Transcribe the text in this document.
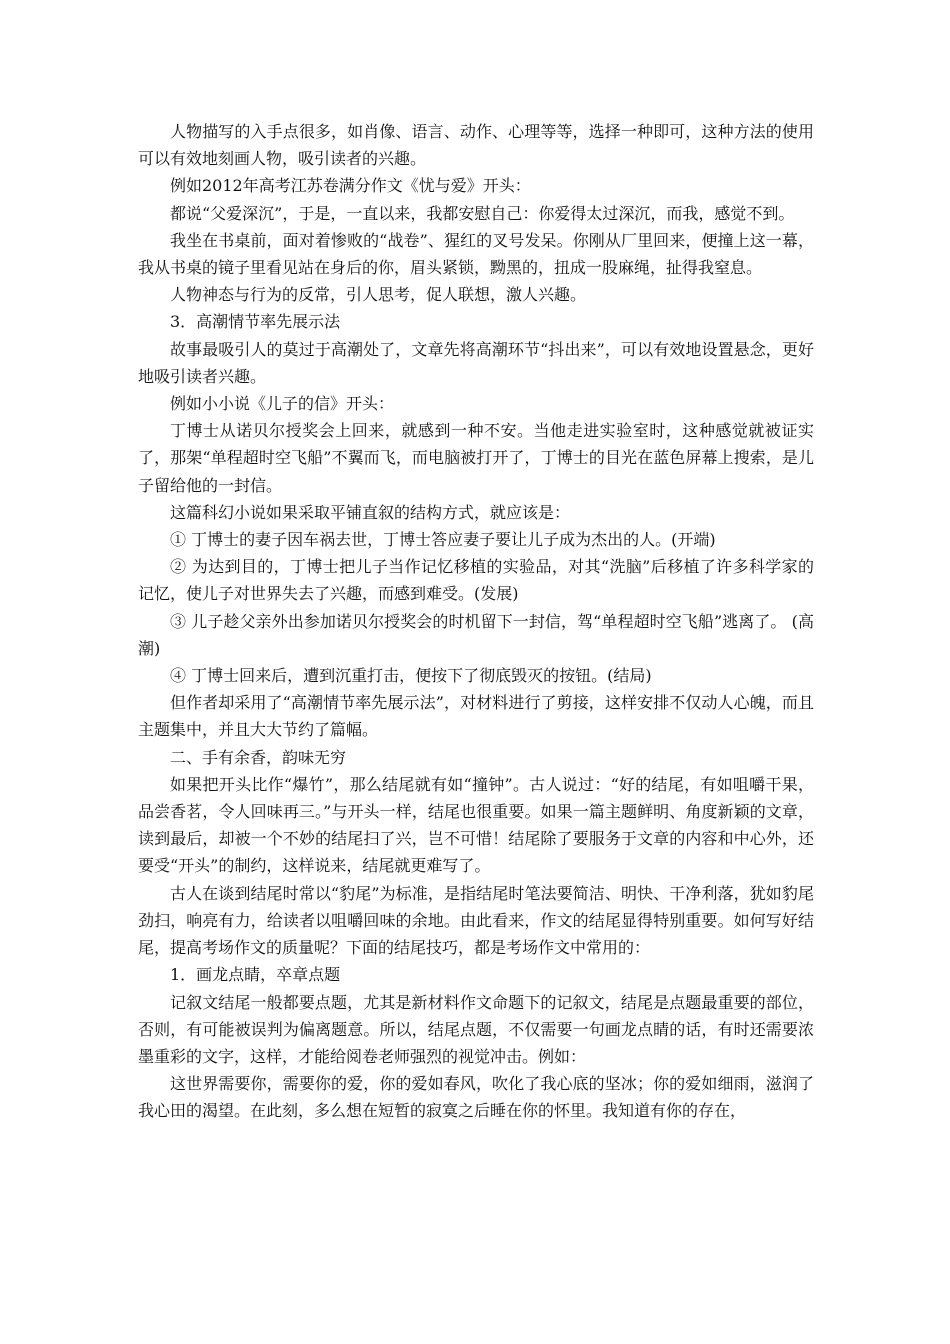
人物描写的入手点很多，如肖像、语言、动作、心理等等，选择一种即可，这种方法的使用可以有效地刻画人物，吸引读者的兴趣。

例如2012年高考江苏卷满分作文《忧与爱》开头：

都说“父爱深沉”，于是，一直以来，我都安慰自己：你爱得太过深沉，而我，感觉不到。

我坐在书桌前，面对着惨败的“战卷”、猩红的叉号发呆。你刚从厂里回来，便撞上这一幕，我从书桌的镜子里看见站在身后的你，眉头紧锁，黝黑的，扭成一股麻绳，扯得我窒息。

人物神态与行为的反常，引人思考，促人联想，激人兴趣。

3．高潮情节率先展示法

故事最吸引人的莫过于高潮处了，文章先将高潮环节“抖出来”，可以有效地设置悬念，更好地吸引读者兴趣。

例如小小说《儿子的信》开头：

丁博士从诺贝尔授奖会上回来，就感到一种不安。当他走进实验室时，这种感觉就被证实了，那架“单程超时空飞船”不翼而飞，而电脑被打开了，丁博士的目光在蓝色屏幕上搜索，是儿子留给他的一封信。

这篇科幻小说如果采取平铺直叙的结构方式，就应该是：

① 丁博士的妻子因车祸去世，丁博士答应妻子要让儿子成为杰出的人。(开端)

② 为达到目的，丁博士把儿子当作记忆移植的实验品，对其“洗脑”后移植了许多科学家的记忆，使儿子对世界失去了兴趣，而感到难受。(发展)

③ 儿子趁父亲外出参加诺贝尔授奖会的时机留下一封信，驾“单程超时空飞船”逃离了。 (高潮)

④ 丁博士回来后，遭到沉重打击，便按下了彻底毁灭的按钮。(结局)

但作者却采用了“高潮情节率先展示法”，对材料进行了剪接，这样安排不仅动人心魄，而且主题集中，并且大大节约了篇幅。

二、手有余香，韵味无穷

如果把开头比作“爆竹”，那么结尾就有如“撞钟”。古人说过：“好的结尾，有如咀嚼干果，品尝香茗，令人回味再三。”与开头一样，结尾也很重要。如果一篇主题鲜明、角度新颖的文章，读到最后，却被一个不妙的结尾扫了兴，岂不可惜！结尾除了要服务于文章的内容和中心外，还要受“开头”的制约，这样说来，结尾就更难写了。

古人在谈到结尾时常以“豹尾”为标准，是指结尾时笔法要简洁、明快、干净利落，犹如豹尾劲扫，响亮有力，给读者以咀嚼回味的余地。由此看来，作文的结尾显得特别重要。如何写好结尾，提高考场作文的质量呢？下面的结尾技巧，都是考场作文中常用的：

1．画龙点睛，卒章点题

记叙文结尾一般都要点题，尤其是新材料作文命题下的记叙文，结尾是点题最重要的部位，否则，有可能被误判为偏离题意。所以，结尾点题，不仅需要一句画龙点睛的话，有时还需要浓墨重彩的文字，这样，才能给阅卷老师强烈的视觉冲击。例如：

这世界需要你，需要你的爱，你的爱如春风，吹化了我心底的坚冰；你的爱如细雨，滋润了我心田的渴望。在此刻，多么想在短暂的寂寞之后睡在你的怀里。我知道有你的存在，
